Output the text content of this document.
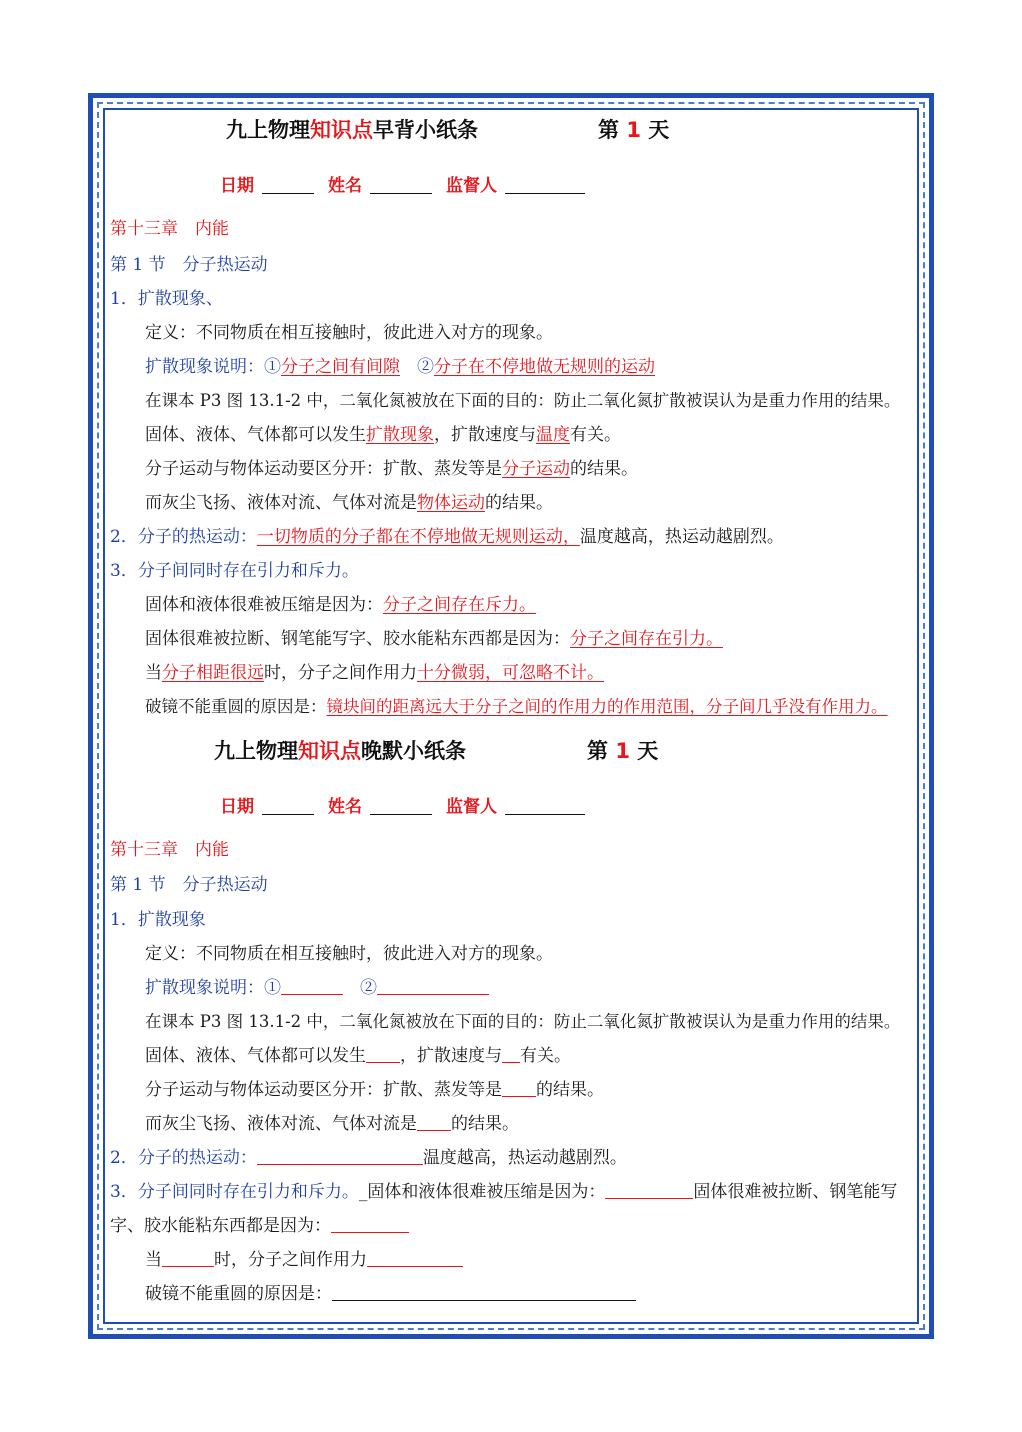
九上物理知识点早背小纸条	第 1 天
日期	姓名	监督人
第十三章　内能
第 1 节　分子热运动
1．扩散现象、
定义：不同物质在相互接触时，彼此进入对方的现象。
扩散现象说明：①分子之间有间隙　②分子在不停地做无规则的运动
在课本 P3 图 13.1-2 中，二氧化氮被放在下面的目的：防止二氧化氮扩散被误认为是重力作用的结果。
固体、液体、气体都可以发生扩散现象，扩散速度与温度有关。
分子运动与物体运动要区分开：扩散、蒸发等是分子运动的结果。
而灰尘飞扬、液体对流、气体对流是物体运动的结果。
2．分子的热运动：一切物质的分子都在不停地做无规则运动，温度越高，热运动越剧烈。
3．分子间同时存在引力和斥力。
固体和液体很难被压缩是因为：分子之间存在斥力。
固体很难被拉断、钢笔能写字、胶水能粘东西都是因为：分子之间存在引力。
当分子相距很远时，分子之间作用力十分微弱，可忽略不计。
破镜不能重圆的原因是：镜块间的距离远大于分子之间的作用力的作用范围，分子间几乎没有作用力。
九上物理知识点晚默小纸条	第 1 天
日期	姓名	监督人
第十三章　内能
第 1 节　分子热运动
1．扩散现象
定义：不同物质在相互接触时，彼此进入对方的现象。
扩散现象说明：①	　②
在课本 P3 图 13.1-2 中，二氧化氮被放在下面的目的：防止二氧化氮扩散被误认为是重力作用的结果。
固体、液体、气体都可以发生 ，扩散速度与 有关。
分子运动与物体运动要区分开：扩散、蒸发等是 的结果。
而灰尘飞扬、液体对流、气体对流是 的结果。
2．分子的热运动：	温度越高，热运动越剧烈。
3．分子间同时存在引力和斥力。_固体和液体很难被压缩是因为：	固体很难被拉断、钢笔能写
字、胶水能粘东西都是因为：
当	时，分子之间作用力
破镜不能重圆的原因是：
